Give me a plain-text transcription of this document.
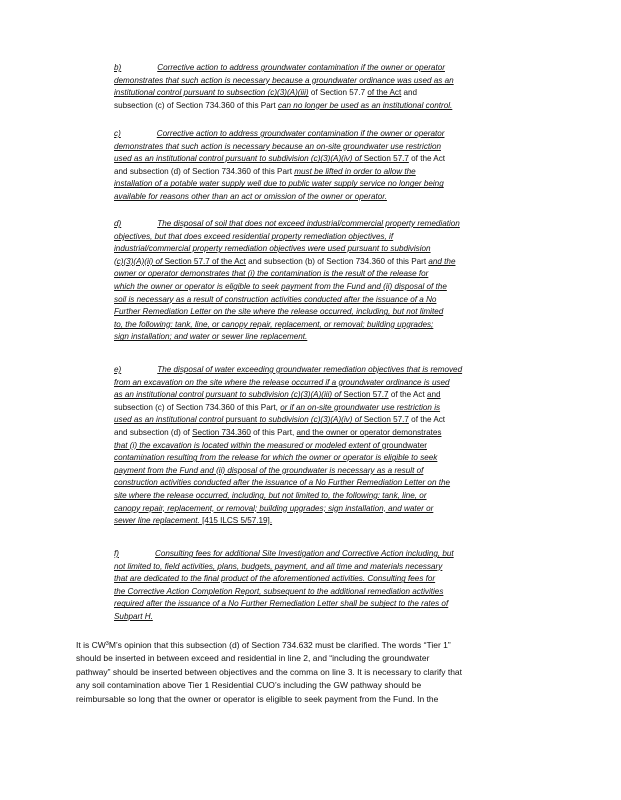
b)	Corrective action to address groundwater contamination if the owner or operator
demonstrates that such action is necessary because a groundwater ordinance was used as an
institutional control pursuant to subsection (c)(3)(A)(iii) of Section 57.7 of the Act and
subsection (c) of Section 734.360 of this Part can no longer be used as an institutional control.
c)	Corrective action to address groundwater contamination if the owner or operator
demonstrates that such action is necessary because an on-site groundwater use restriction
used as an institutional control pursuant to subdivision (c)(3)(A)(iv) of Section 57.7 of the Act
and subsection (d) of Section 734.360 of this Part must be lifted in order to allow the
installation of a potable water supply well due to public water supply service no longer being
available for reasons other than an act or omission of the owner or operator.
d)	The disposal of soil that does not exceed industrial/commercial property remediation
objectives, but that does exceed residential property remediation objectives, if
industrial/commercial property remediation objectives were used pursuant to subdivision
(c)(3)(A)(ii) of Section 57.7 of the Act and subsection (b) of Section 734.360 of this Part and the
owner or operator demonstrates that (i) the contamination is the result of the release for
which the owner or operator is eligible to seek payment from the Fund and (ii) disposal of the
soil is necessary as a result of construction activities conducted after the issuance of a No
Further Remediation Letter on the site where the release occurred, including, but not limited
to, the following: tank, line, or canopy repair, replacement, or removal; building upgrades;
sign installation; and water or sewer line replacement.
e)	The disposal of water exceeding groundwater remediation objectives that is removed
from an excavation on the site where the release occurred if a groundwater ordinance is used
as an institutional control pursuant to subdivision (c)(3)(A)(iii) of Section 57.7 of the Act and
subsection (c) of Section 734.360 of this Part, or if an on-site groundwater use restriction is
used as an institutional control pursuant to subdivision (c)(3)(A)(iv) of Section 57.7 of the Act
and subsection (d) of Section 734.360 of this Part, and the owner or operator demonstrates
that (i) the excavation is located within the measured or modeled extent of groundwater
contamination resulting from the release for which the owner or operator is eligible to seek
payment from the Fund and (ii) disposal of the groundwater is necessary as a result of
construction activities conducted after the issuance of a No Further Remediation Letter on the
site where the release occurred, including, but not limited to, the following: tank, line, or
canopy repair, replacement, or removal; building upgrades; sign installation, and water or
sewer line replacement. [415 ILCS 5/57.19].
f)	Consulting fees for additional Site Investigation and Corrective Action including, but
not limited to, field activities, plans, budgets, payment, and all time and materials necessary
that are dedicated to the final product of the aforementioned activities. Consulting fees for
the Corrective Action Completion Report, subsequent to the additional remediation activities
required after the issuance of a No Further Remediation Letter shall be subject to the rates of
Subpart H.
It is $CW^3M’s$ opinion that this subsection (d) of Section 734.632 must be clarified. The words “Tier 1”
should be inserted in between exceed and residential in line 2, and “including the groundwater
pathway” should be inserted between objectives and the comma on line 3. It is necessary to clarify that
any soil contamination above Tier 1 Residential CUO’s including the GW pathway should be
reimbursable so long that the owner or operator is eligible to seek payment from the Fund. In the
